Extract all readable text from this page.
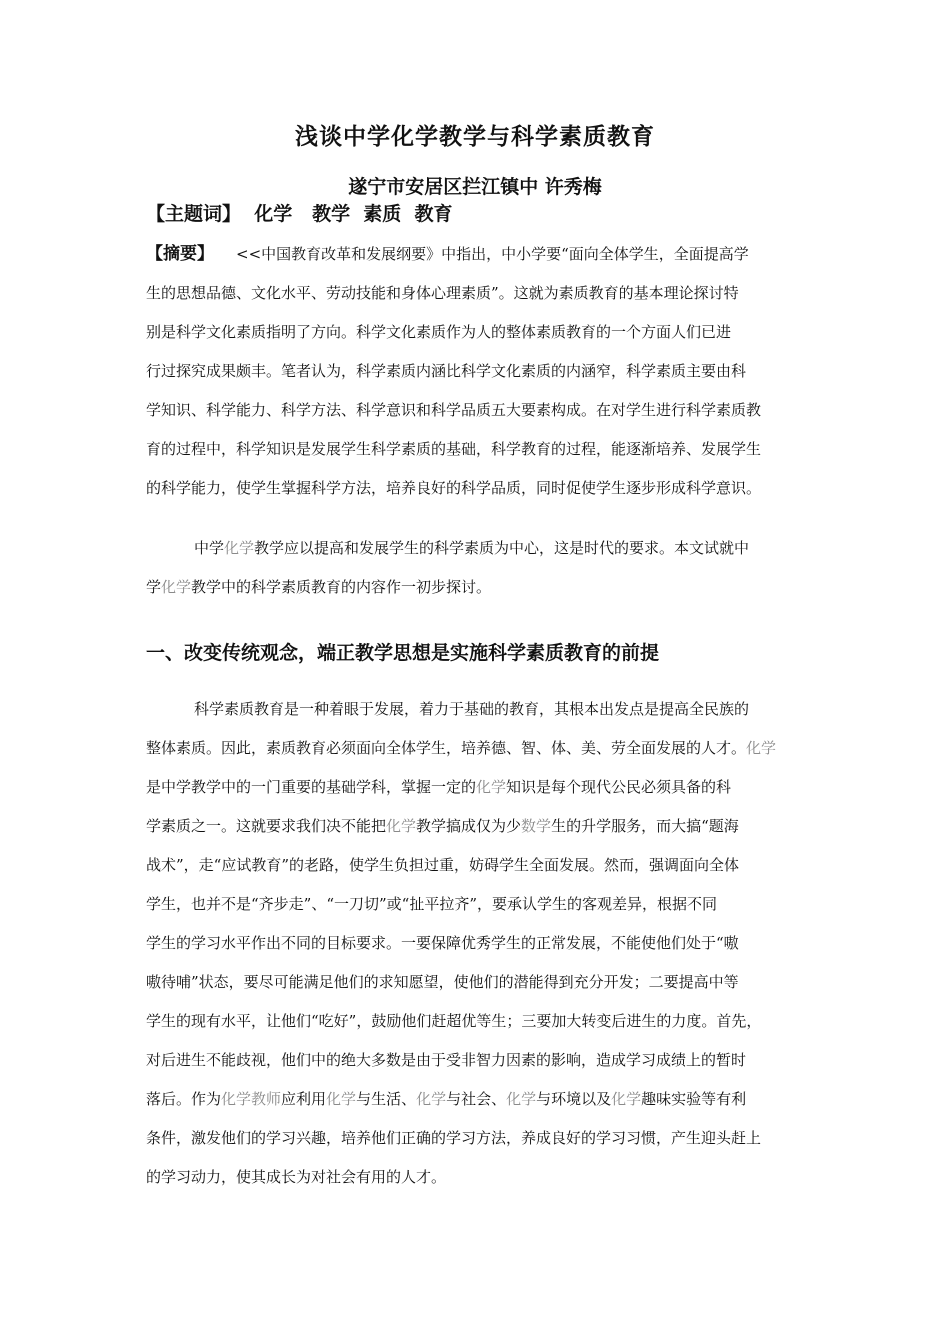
浅谈中学化学教学与科学素质教育
遂宁市安居区拦江镇中 许秀梅
【主题词】  化学   教学  素质  教育
【摘要】 <<中国教育改革和发展纲要》中指出，中小学要“面向全体学生，全面提高学
生的思想品德、文化水平、劳动技能和身体心理素质”。这就为素质教育的基本理论探讨特
别是科学文化素质指明了方向。科学文化素质作为人的整体素质教育的一个方面人们已进
行过探究成果颇丰。笔者认为，科学素质内涵比科学文化素质的内涵窄，科学素质主要由科
学知识、科学能力、科学方法、科学意识和科学品质五大要素构成。在对学生进行科学素质教
育的过程中，科学知识是发展学生科学素质的基础，科学教育的过程，能逐渐培养、发展学生
的科学能力，使学生掌握科学方法，培养良好的科学品质，同时促使学生逐步形成科学意识。
中学化学教学应以提高和发展学生的科学素质为中心，这是时代的要求。本文试就中
学化学教学中的科学素质教育的内容作一初步探讨。
一、改变传统观念，端正教学思想是实施科学素质教育的前提
科学素质教育是一种着眼于发展，着力于基础的教育，其根本出发点是提高全民族的
整体素质。因此，素质教育必须面向全体学生，培养德、智、体、美、劳全面发展的人才。化学
是中学教学中的一门重要的基础学科，掌握一定的化学知识是每个现代公民必须具备的科
学素质之一。这就要求我们决不能把化学教学搞成仅为少数学生的升学服务，而大搞“题海
战术”，走“应试教育”的老路，使学生负担过重，妨碍学生全面发展。然而，强调面向全体
学生，也并不是“齐步走”、“一刀切”或“扯平拉齐”，要承认学生的客观差异，根据不同
学生的学习水平作出不同的目标要求。一要保障优秀学生的正常发展，不能使他们处于“嗷
嗷待哺”状态，要尽可能满足他们的求知愿望，使他们的潜能得到充分开发；二要提高中等
学生的现有水平，让他们“吃好”，鼓励他们赶超优等生；三要加大转变后进生的力度。首先，
对后进生不能歧视，他们中的绝大多数是由于受非智力因素的影响，造成学习成绩上的暂时
落后。作为化学教师应利用化学与生活、化学与社会、化学与环境以及化学趣味实验等有利
条件，激发他们的学习兴趣，培养他们正确的学习方法，养成良好的学习习惯，产生迎头赶上
的学习动力，使其成长为对社会有用的人才。
